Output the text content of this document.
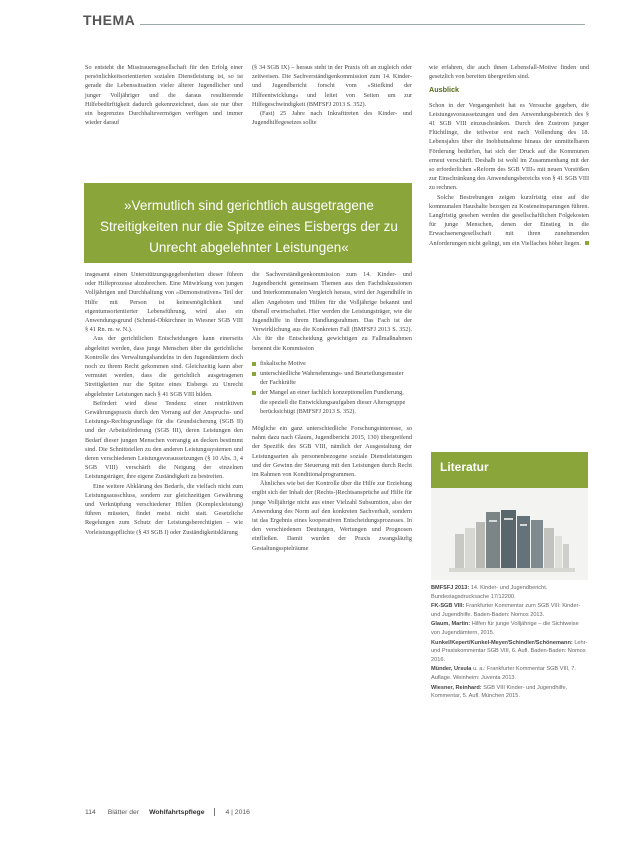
THEMA

So entsteht die Misstrauensgesellschaft für den Erfolg einer persönlichkeitsorientierten sozialen Dienstleistung ist, so ist gerade die Lebenssituation vieler älterer Jugendlicher und junger Volljähriger und die daraus resultierende Hilfebedürftigkeit dadurch gekennzeichnet, dass sie nur über ein begrenztes Durchhaltevermögen verfügen und immer wieder darauf

(§ 34 SGB IX) – heraus steht in der Praxis oft an zugleich oder zeitweisen. Die Sachverständigenkommission zum 14. Kinder- und Jugendbericht forscht vom »Stiefkind der Hilfeentwicklung« und leitet von Seiten um zur Hilfegeschwindigkeit (BMFSFJ 2013 S. 352).

(Fast) 25 Jahre nach Inkrafttreten des Kinder- und Jugendhilfegesetzes sollte

»Vermutlich sind gerichtlich ausgetragene Streitigkeiten nur die Spitze eines Eisbergs der zu Unrecht abgelehnter Leistungen«

insgesamt einen Unterstützungsgegebenheiten dieser führen oder Hilfeprozesse abzubrechen. Eine Mitwirkung von jungen Volljährigen und Durchhaltung von »Demonstrativen« Teil der Hilfe mit Person ist keinesmöglichkeit und eigentumsorientierter Lebensführung, wird also ein Anwendungsgrund (Schmid-Obkirchner in Wiesner SGB VIII § 41 Rn. m. w. N.).

Aus der gerichtlichen Entscheidungen kann einerseits abgeleitet werden, dass junge Menschen über die gerichtliche Kontrolle des Verwaltungshandelns in den Jugendämtern doch noch zu ihrem Recht gekommen sind. Gleichzeitig kann aber vermutet werden, dass die gerichtlich ausgetragenen Streitigkeiten nur die Spitze eines Eisbergs zu Unrecht abgelehnter Leistungen nach § 41 SGB VIII bilden.

Befördert wird diese Tendenz einer restriktiven Gewährungspraxis durch den Vorrang auf der Anspruchs- und Leistungs-Rechtsgrundlage für die Grundsicherung (SGB II) und der Arbeitsförderung (SGB III), deren Leistungen den Bedarf dieser jungen Menschen vorrangig an decken bestimmt sind. Die Schnittstellen zu den anderen Leistungssystemen und deren verschiedenen Leistungsvoraussetzungen (§ 10 Abs. 3, 4 SGB VIII) verschärft die Neigung der einzelnen Leistungsträger, ihre eigene Zuständigkeit zu bestreiten.

Eine weitere Abklärung des Bedarfs, die vielfach nicht zum Leistungsausschluss, sondern zur gleichzeitigen Gewährung und Verknüpfung verschiedener Hilfen (Komplexleistung) führen müssten, findet meist nicht statt. Gesetzliche Regelungen zum Schutz der Leistungsberechtigten – wie Vorleistungspflichte (§ 43 SGB I) oder Zuständigkeitsklärung

die Sachverständigenkommission zum 14. Kinder- und Jugendbericht gemeinsam Themen aus den Fachdiskussionen und Interkommunalen Vergleich heraus, wird der Jugendhilfe in allen Angeboten und Hilfen für die Volljährige bekannt und überall erwirtschaftet. Hier werden die Leistungsträger, wie die Jugendhilfe in ihrem Handlungsrahmen. Das Fach ist der Verwirklichung aus die Konkreten Fall (BMFSFJ 2013 S. 352). Als für die Entscheidung gewichtigen zu Fallmaßnahmen benennt die Kommission

fiskalische Motive
unterschiedliche Wahrnehmungs- und Beurteilungsmuster der Fachkräfte
der Mangel an einer fachlich konzeptionellen Fundierung, die speziell die Entwicklungsaufgaben dieser Altersgruppe berücksichtigt (BMFSFJ 2013 S. 352).

Mögliche ein ganz unterschiedliche Forschungsinteresse, so nahm dazu nach Glaum, Jugendbericht 2015, 130) übergreifend der Spezifik des SGB VIII, nämlich der Ausgestaltung der Leistungsarten als personenbezogene soziale Dienstleistungen und der Gewinn der Steuerung mit den Leistungen durch Recht im Rahmen von Konditionalprogrammen.

Ähnliches wie bei der Kontrolle über die Hilfe zur Erziehung ergibt sich der Inhalt der (Rechts-)Rechtsansprüche auf Hilfe für junge Volljährige nicht aus einer Vielzahl Subsumtion, also der Anwendung des Norm auf den konkreten Sachverhalt, sondern ist das Ergebnis eines kooperativen Entscheidungsprozesses. In den verschiedenen Deutungen, Wertungen und Prognosen einfließen. Damit wurden der Praxis zwangsläufig Gestaltungsspielräume

wie erfahren, die auch ihnen Lebensfall-Motive finden und gesetzlich von bereiten übergreifen sind.

Ausblick

Schon in der Vergangenheit hat es Versuche gegeben, die Leistungsvoraussetzungen und den Anwendungsbereich des § 41 SGB VIII einzuschränken. Durch den Zustrom junger Flüchtlinge, die teilweise erst nach Vollendung des 18. Lebensjahrs über die Inobhutnahme hinaus der unmittelbaren Förderung bedürfen, hat sich der Druck auf die Kommunen erneut verschärft. Deshalb ist wohl im Zusammenhang mit der so erforderlichen »Reform des SGB VIII« mit neuen Vorstößen zur Einschränkung des Anwendungsbereichs von § 41 SGB VIII zu rechnen.

Solche Bestrebungen zeigen kurzfristig eine auf die kommunalen Haushalte bezogen zu Kosteneinsparungen führen. Langfristig gesehen werden die gesellschaftlichen Folgekosten für junge Menschen, denen der Einstieg in die Erwachsenengesellschaft mit ihren zunehmenden Anforderungen nicht gelingt, um ein Vielfaches höher liegen.

Literatur

BMFSFJ 2013: 14. Kinder- und Jugendbericht. Bundestagsdrucksache 17/12200.

FK-SGB VIII: Frankfurter Kommentar zum SGB VIII: Kinder- und Jugendhilfe. Baden-Baden: Nomos 2013.

Glaum, Martin: Hilfen für junge Volljährige – die Sichtweise von Jugendämtern, 2015.

Kunkel/Kepert/Kunkel-Meyer/Schindler/Schönemann: Lehr- und Praxiskommentar SGB VIII, 6. Aufl. Baden-Baden: Nomos 2016.

Münder, Ursula u. a.: Frankfurter Kommentar SGB VIII, 7. Auflage. Weinheim: Juventa 2013.

Wiesner, Reinhard: SGB VIII Kinder- und Jugendhilfe, Kommentar, 5. Aufl. München 2015.

114 Blätter der Wohlfahrtspflege	4 | 2016
